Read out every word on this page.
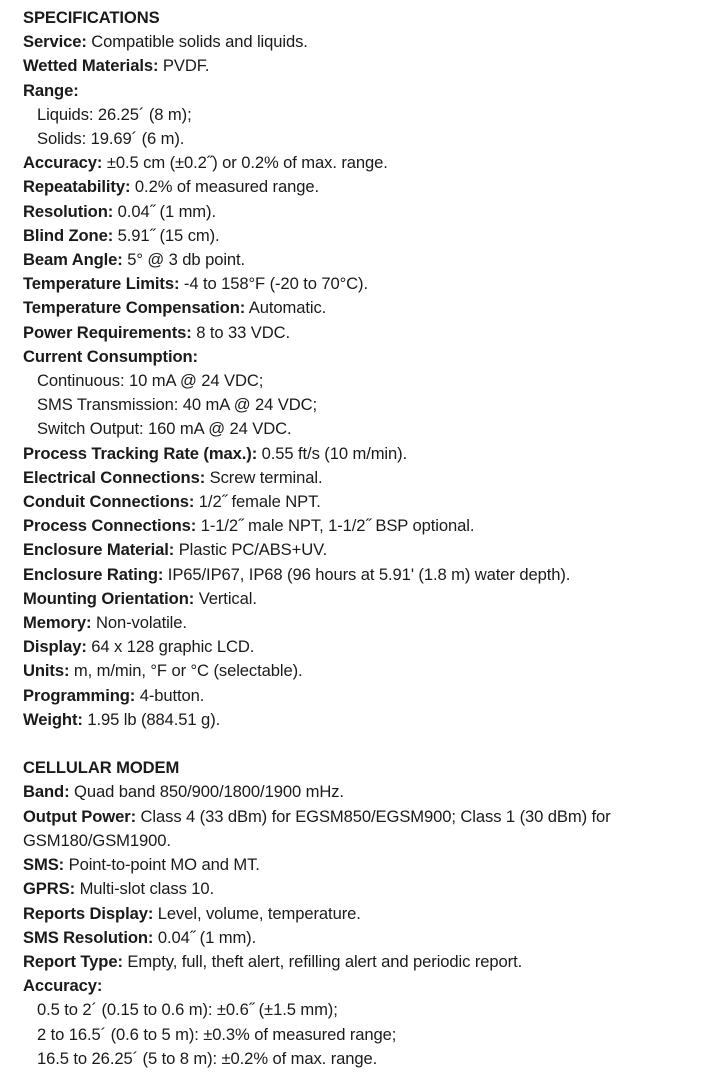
SPECIFICATIONS
Service: Compatible solids and liquids.
Wetted Materials: PVDF.
Range:
Liquids: 26.25´ (8 m);
Solids: 19.69´ (6 m).
Accuracy: ±0.5 cm (±0.2˝) or 0.2% of max. range.
Repeatability: 0.2% of measured range.
Resolution: 0.04˝ (1 mm).
Blind Zone: 5.91˝ (15 cm).
Beam Angle: 5° @ 3 db point.
Temperature Limits: -4 to 158°F (-20 to 70°C).
Temperature Compensation: Automatic.
Power Requirements: 8 to 33 VDC.
Current Consumption:
Continuous: 10 mA @ 24 VDC;
SMS Transmission: 40 mA @ 24 VDC;
Switch Output: 160 mA @ 24 VDC.
Process Tracking Rate (max.): 0.55 ft/s (10 m/min).
Electrical Connections: Screw terminal.
Conduit Connections: 1/2˝ female NPT.
Process Connections: 1-1/2˝ male NPT, 1-1/2˝ BSP optional.
Enclosure Material: Plastic PC/ABS+UV.
Enclosure Rating: IP65/IP67, IP68 (96 hours at 5.91' (1.8 m) water depth).
Mounting Orientation: Vertical.
Memory: Non-volatile.
Display: 64 x 128 graphic LCD.
Units: m, m/min, °F or °C (selectable).
Programming: 4-button.
Weight: 1.95 lb (884.51 g).
CELLULAR MODEM
Band: Quad band 850/900/1800/1900 mHz.
Output Power: Class 4 (33 dBm) for EGSM850/EGSM900; Class 1 (30 dBm) for
GSM180/GSM1900.
SMS: Point-to-point MO and MT.
GPRS: Multi-slot class 10.
Reports Display: Level, volume, temperature.
SMS Resolution: 0.04˝ (1 mm).
Report Type: Empty, full, theft alert, refilling alert and periodic report.
Accuracy:
0.5 to 2´ (0.15 to 0.6 m): ±0.6˝ (±1.5 mm);
2 to 16.5´ (0.6 to 5 m): ±0.3% of measured range;
16.5 to 26.25´ (5 to 8 m): ±0.2% of max. range.
